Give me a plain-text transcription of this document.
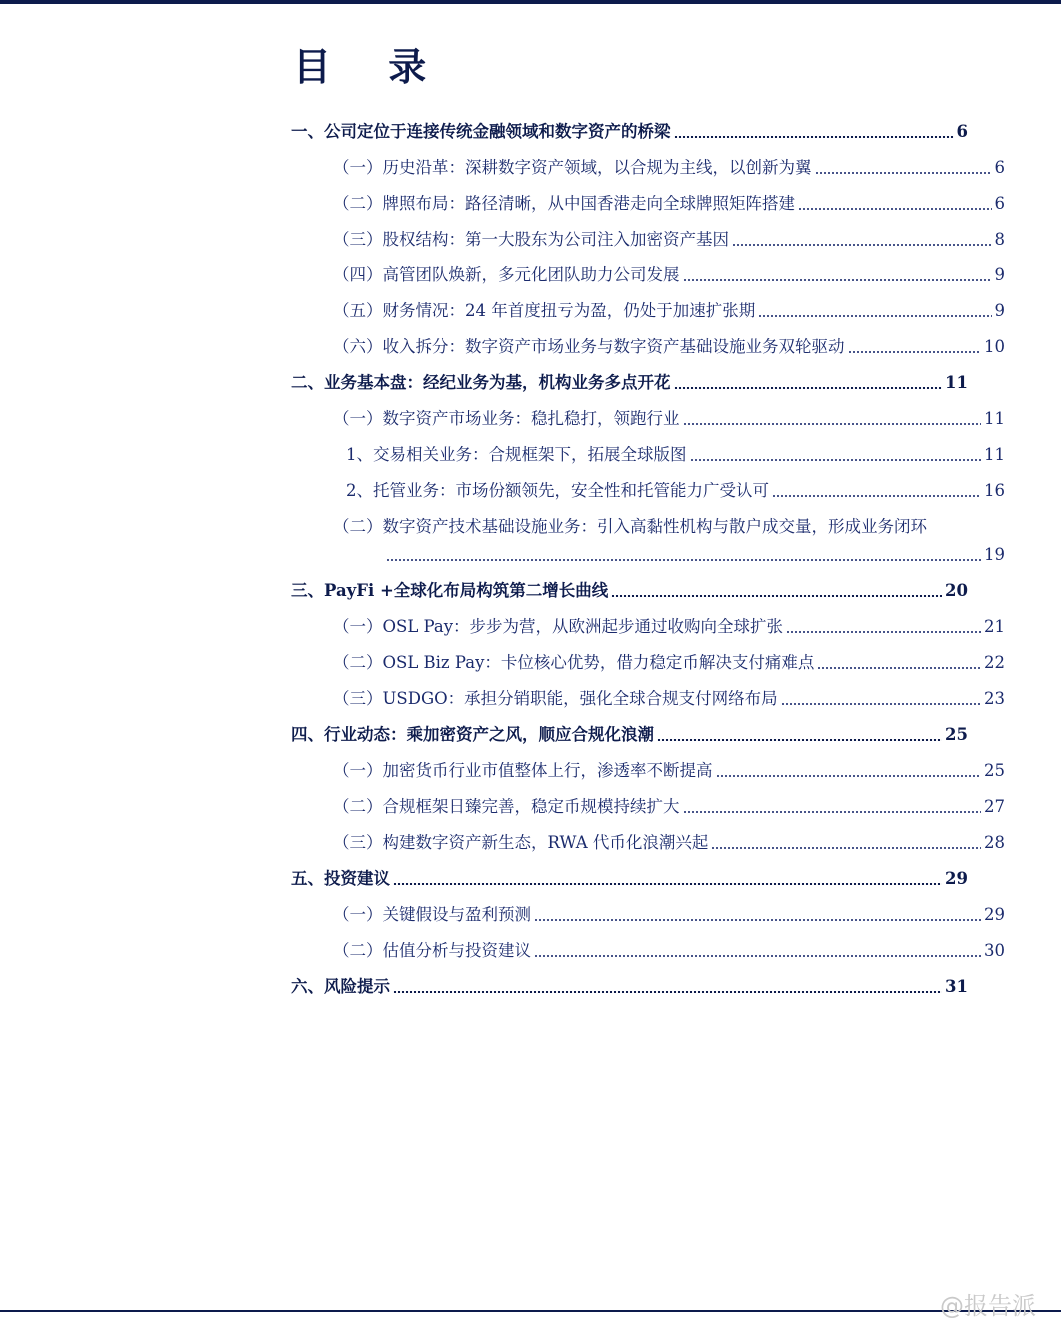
目 录
一、公司定位于连接传统金融领域和数字资产的桥梁	6
（一）历史沿革：深耕数字资产领域，以合规为主线，以创新为翼	6
（二）牌照布局：路径清晰，从中国香港走向全球牌照矩阵搭建	6
（三）股权结构：第一大股东为公司注入加密资产基因	8
（四）高管团队焕新，多元化团队助力公司发展	9
（五）财务情况：24 年首度扭亏为盈，仍处于加速扩张期	9
（六）收入拆分：数字资产市场业务与数字资产基础设施业务双轮驱动	10
二、业务基本盘：经纪业务为基，机构业务多点开花	11
（一）数字资产市场业务：稳扎稳打，领跑行业	11
1、交易相关业务：合规框架下，拓展全球版图	11
2、托管业务：市场份额领先，安全性和托管能力广受认可	16
（二）数字资产技术基础设施业务：引入高黏性机构与散户成交量，形成业务闭环
19
三、PayFi +全球化布局构筑第二增长曲线	20
（一）OSL Pay：步步为营，从欧洲起步通过收购向全球扩张	21
（二）OSL Biz Pay：卡位核心优势，借力稳定币解决支付痛难点	22
（三）USDGO：承担分销职能，强化全球合规支付网络布局	23
四、行业动态：乘加密资产之风，顺应合规化浪潮	25
（一）加密货币行业市值整体上行，渗透率不断提高	25
（二）合规框架日臻完善，稳定币规模持续扩大	27
（三）构建数字资产新生态，RWA 代币化浪潮兴起	28
五、投资建议	29
（一）关键假设与盈利预测	29
（二）估值分析与投资建议	30
六、风险提示	31
@报告派
